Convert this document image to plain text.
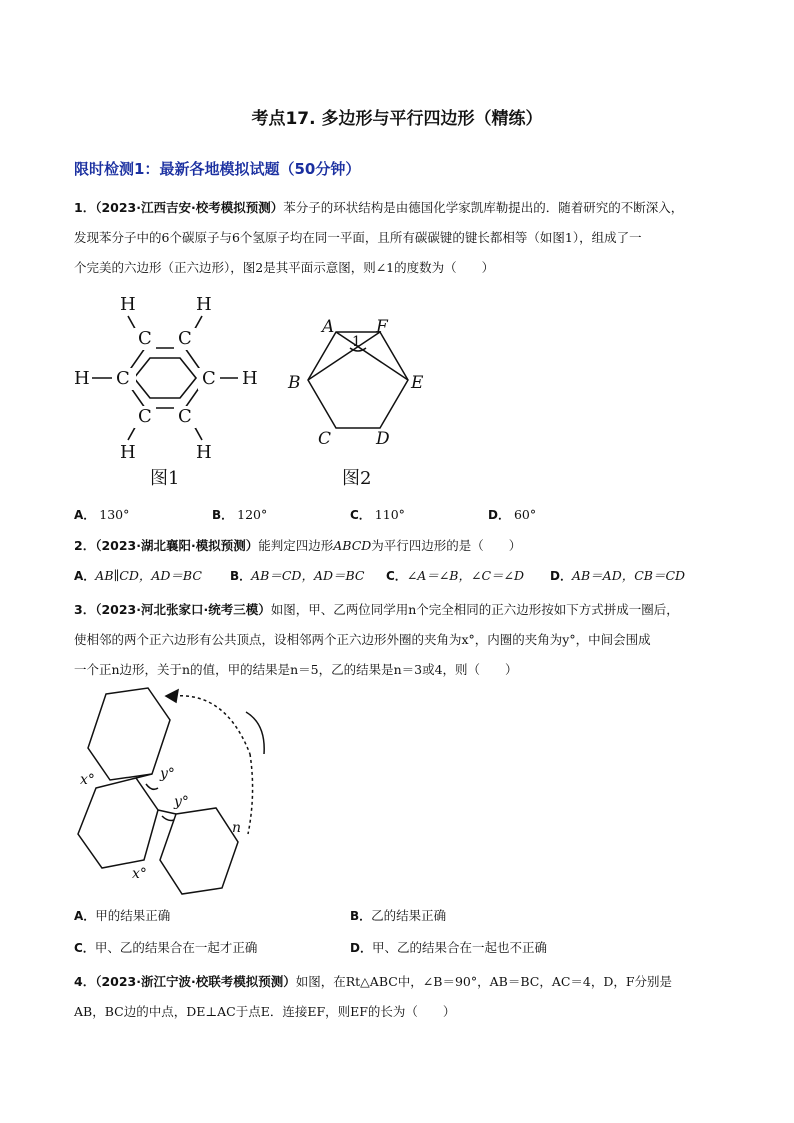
考点17. 多边形与平行四边形（精练）
限时检测1：最新各地模拟试题（50分钟）
1．（2023·江西吉安·校考模拟预测）苯分子的环状结构是由德国化学家凯库勒提出的．随着研究的不断深入，
发现苯分子中的6个碳原子与6个氢原子均在同一平面，且所有碳碳键的键长都相等（如图1），组成了一
个完美的六边形（正六边形），图2是其平面示意图，则∠1的度数为（　　）
C C
C	C
C C
H	H
H	H
H	H
图1
A F
B	E
C	D
1
图2
A． 130°	B． 120°	C． 110°	D． 60°
2．（2023·湖北襄阳·模拟预测）能判定四边形ABCD为平行四边形的是（　　）
A．AB∥CD，AD＝BC B．AB＝CD，AD＝BC C．∠A＝∠B，∠C＝∠D D．AB＝AD，CB＝CD
3．（2023·河北张家口·统考三模）如图，甲、乙两位同学用n个完全相同的正六边形按如下方式拼成一圈后，
使相邻的两个正六边形有公共顶点，设相邻两个正六边形外圈的夹角为x°，内圈的夹角为y°，中间会围成
一个正n边形，关于n的值，甲的结果是n＝5，乙的结果是n＝3或4，则（　　）
x°	y°
y°
x°
n
A．甲的结果正确	B．乙的结果正确
C．甲、乙的结果合在一起才正确	D．甲、乙的结果合在一起也不正确
4．（2023·浙江宁波·校联考模拟预测）如图，在Rt△ABC中，∠B＝90°，AB＝BC，AC＝4，D，F分别是
AB，BC边的中点，DE⊥AC于点E．连接EF，则EF的长为（　　）
